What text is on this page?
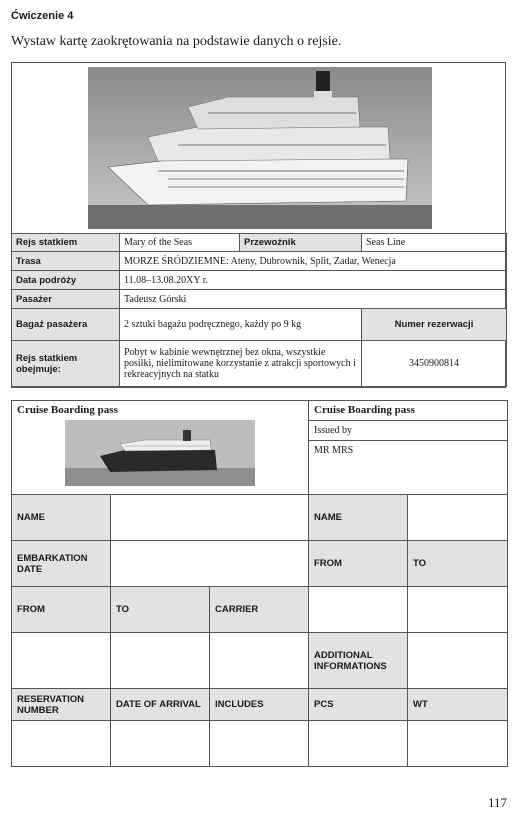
Ćwiczenie 4
Wystaw kartę zaokrętowania na podstawie danych o rejsie.
Rejs statkiem	Mary of the Seas	Przewoźnik	Seas Line
Trasa	MORZE ŚRÓDZIEMNE: Ateny, Dubrownik, Split, Zadar, Wenecja		
Data podróży	11.08–13.08.20XY r.		
Pasażer	Tadeusz Górski		
Bagaż pasażera	2 sztuki bagażu podręcznego, każdy po 9 kg		Numer rezerwacji
Rejs statkiem obejmuje:	Pobyt w kabinie wewnętrznej bez okna, wszystkie posiłki, nielimitowane korzystanie z atrakcji sportowych i rekreacyjnych na statku		3450900814
Cruise Boarding pass			Cruise Boarding pass	
			Issued by	
			MR MRS	
NAME			NAME	
EMBARKATION DATE			FROM	TO
FROM	TO	CARRIER		
			ADDITIONAL INFORMATIONS	
RESERVATION NUMBER	DATE OF ARRIVAL	INCLUDES	PCS	WT

117
